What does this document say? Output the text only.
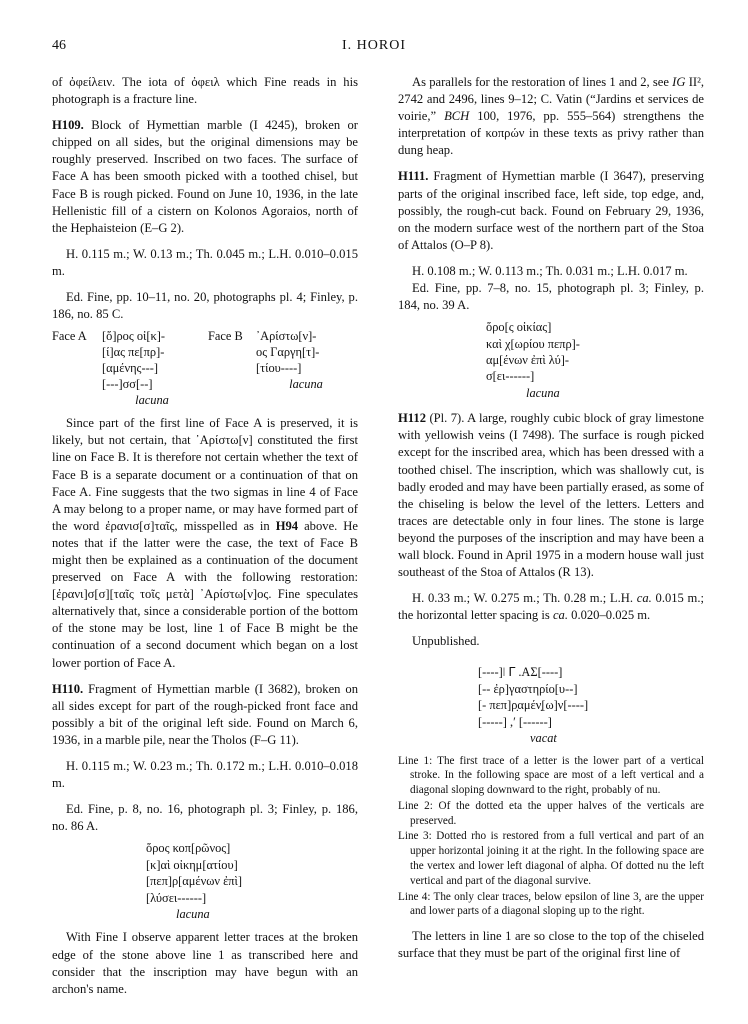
46	I. HOROI

of ὀφείλειν. The iota of ὀφειλ which Fine reads in his photograph is a fracture line.

H109. Block of Hymettian marble (I 4245), broken or chipped on all sides, but the original dimensions may be roughly preserved. Inscribed on two faces. The surface of Face A has been smooth picked with a toothed chisel, but Face B is rough picked. Found on June 10, 1936, in the late Hellenistic fill of a cistern on Kolonos Agoraios, north of the Hephaisteion (E–G 2).

H. 0.115 m.; W. 0.13 m.; Th. 0.045 m.; L.H. 0.010–0.015 m.

Ed. Fine, pp. 10–11, no. 20, photographs pl. 4; Finley, p. 186, no. 85 C.

Face A	[ὅ]ρος οἰ[κ]-
[ί]ας πε[πρ]-
[αμένης---]
[---]σσ[--]
lacuna
Face B	᾿Αρίστω[ν]-
ος Γαργη[τ]-
[τίου----]
lacuna

Since part of the first line of Face A is preserved, it is likely, but not certain, that ᾿Αρίστω[ν] constituted the first line on Face B. It is therefore not certain whether the text of Face B is a separate document or a continuation of that on Face A. Fine suggests that the two sigmas in line 4 of Face A may belong to a proper name, or may have formed part of the word ἐρανισ[σ]ταῖς, misspelled as in H94 above. He notes that if the latter were the case, the text of Face B might then be explained as a continuation of the document preserved on Face A with the following restoration: [ἐρανι]σ[σ][ταῖς τοῖς μετὰ] ᾿Αρίστω[ν]ος. Fine speculates alternatively that, since a considerable portion of the bottom of the stone may be lost, line 1 of Face B might be the continuation of a second document which began on a lost lower portion of Face A.

H110. Fragment of Hymettian marble (I 3682), broken on all sides except for part of the rough-picked front face and possibly a bit of the original left side. Found on March 6, 1936, in a marble pile, near the Tholos (F–G 11).

H. 0.115 m.; W. 0.23 m.; Th. 0.172 m.; L.H. 0.010–0.018 m.

Ed. Fine, p. 8, no. 16, photograph pl. 3; Finley, p. 186, no. 86 A.

ὅρος κοπ[ρῶνος]
[κ]αὶ οἰκημ[ατίου]
[πεπ]ρ[αμένων ἐπὶ]
[λύσει------]
lacuna

With Fine I observe apparent letter traces at the broken edge of the stone above line 1 as transcribed here and consider that the inscription may have begun with an archon's name.

As parallels for the restoration of lines 1 and 2, see IG II², 2742 and 2496, lines 9–12; C. Vatin (“Jardins et services de voirie,” BCH 100, 1976, pp. 555–564) strengthens the interpretation of κοπρών in these texts as privy rather than dung heap.

H111. Fragment of Hymettian marble (I 3647), preserving parts of the original inscribed face, left side, top edge, and, possibly, the rough-cut back. Found on February 29, 1936, on the modern surface west of the northern part of the Stoa of Attalos (O–P 8).

H. 0.108 m.; W. 0.113 m.; Th. 0.031 m.; L.H. 0.017 m.

Ed. Fine, pp. 7–8, no. 15, photograph pl. 3; Finley, p. 184, no. 39 A.

ὅρο[ς οἰκίας]
καὶ χ[ωρίου πεπρ]-
αμ[ένων ἐπὶ λύ]-
σ[ει------]
lacuna

H112 (Pl. 7). A large, roughly cubic block of gray limestone with yellowish veins (I 7498). The surface is rough picked except for the inscribed area, which has been dressed with a toothed chisel. The inscription, which was shallowly cut, is badly eroded and may have been partially erased, as some of the chiseling is below the level of the letters. Letters and traces are detectable only in four lines. The stone is large beyond the purposes of the inscription and may have been a wall block. Found in April 1975 in a modern house wall just southeast of the Stoa of Attalos (R 13).

H. 0.33 m.; W. 0.275 m.; Th. 0.28 m.; L.H. ca. 0.015 m.; the horizontal letter spacing is ca. 0.020–0.025 m.

Unpublished.

[----]ǀ ᒥ .ΑΣ[----]
[-- ἐρ]γαστηρίο[υ--]
[- πεπ]ρ̣αμέν̣[ω]ν[----]
[-----] ,ʹ [------]
vacat

Line 1: The first trace of a letter is the lower part of a vertical stroke. In the following space are most of a left vertical and a diagonal sloping downward to the right, probably of nu.

Line 2: Of the dotted eta the upper halves of the verticals are preserved.

Line 3: Dotted rho is restored from a full vertical and part of an upper horizontal joining it at the right. In the following space are the vertex and lower left diagonal of alpha. Of dotted nu the left vertical and part of the diagonal survive.

Line 4: The only clear traces, below epsilon of line 3, are the upper and lower parts of a diagonal sloping up to the right.

The letters in line 1 are so close to the top of the chiseled surface that they must be part of the original first line of
